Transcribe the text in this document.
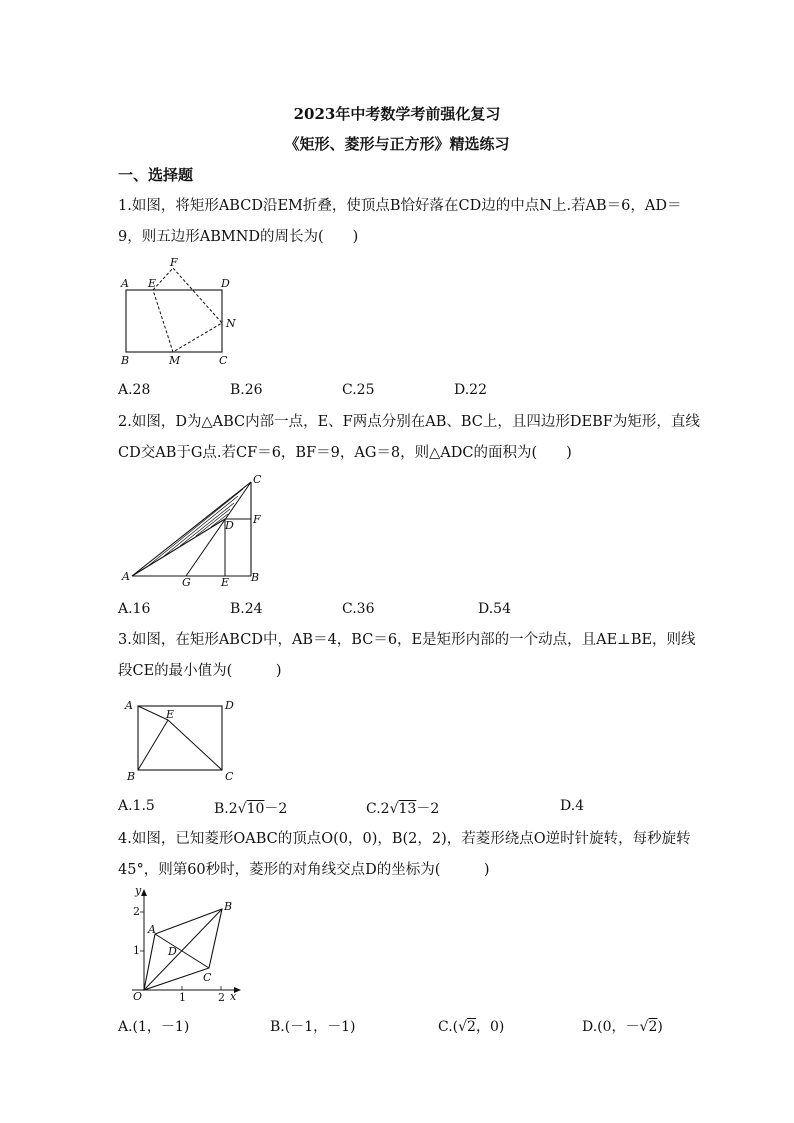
2023年中考数学考前强化复习
《矩形、菱形与正方形》精选练习
一、选择题
1.如图，将矩形ABCD沿EM折叠，使顶点B恰好落在CD边的中点N上.若AB＝6，AD＝9，则五边形ABMND的周长为(　　)
A E
F
D
N
B	M	C
A.28	B.26	C.25	D.22
2.如图，D为△ABC内部一点，E、F两点分别在AB、BC上，且四边形DEBF为矩形，直线CD交AB于G点.若CF＝6，BF＝9，AG＝8，则△ADC的面积为(　　)
C
D F
A	G	E B
A.16	B.24	C.36	D.54
3.如图，在矩形ABCD中，AB＝4，BC＝6，E是矩形内部的一个动点，且AE⊥BE，则线段CE的最小值为(　　　)
A
E
D
B	C
A.1.5	B.2√10－2	C.2√13－2	D.4
4.如图，已知菱形OABC的顶点O(0，0)，B(2，2)，若菱形绕点O逆时针旋转，每秒旋转45°，则第60秒时，菱形的对角线交点D的坐标为(　　　)
y
2
1
A
B
D
C
O	1	2 x
A.(1，－1)	B.(－1，－1)	C.(√2，0)	D.(0，－√2)
